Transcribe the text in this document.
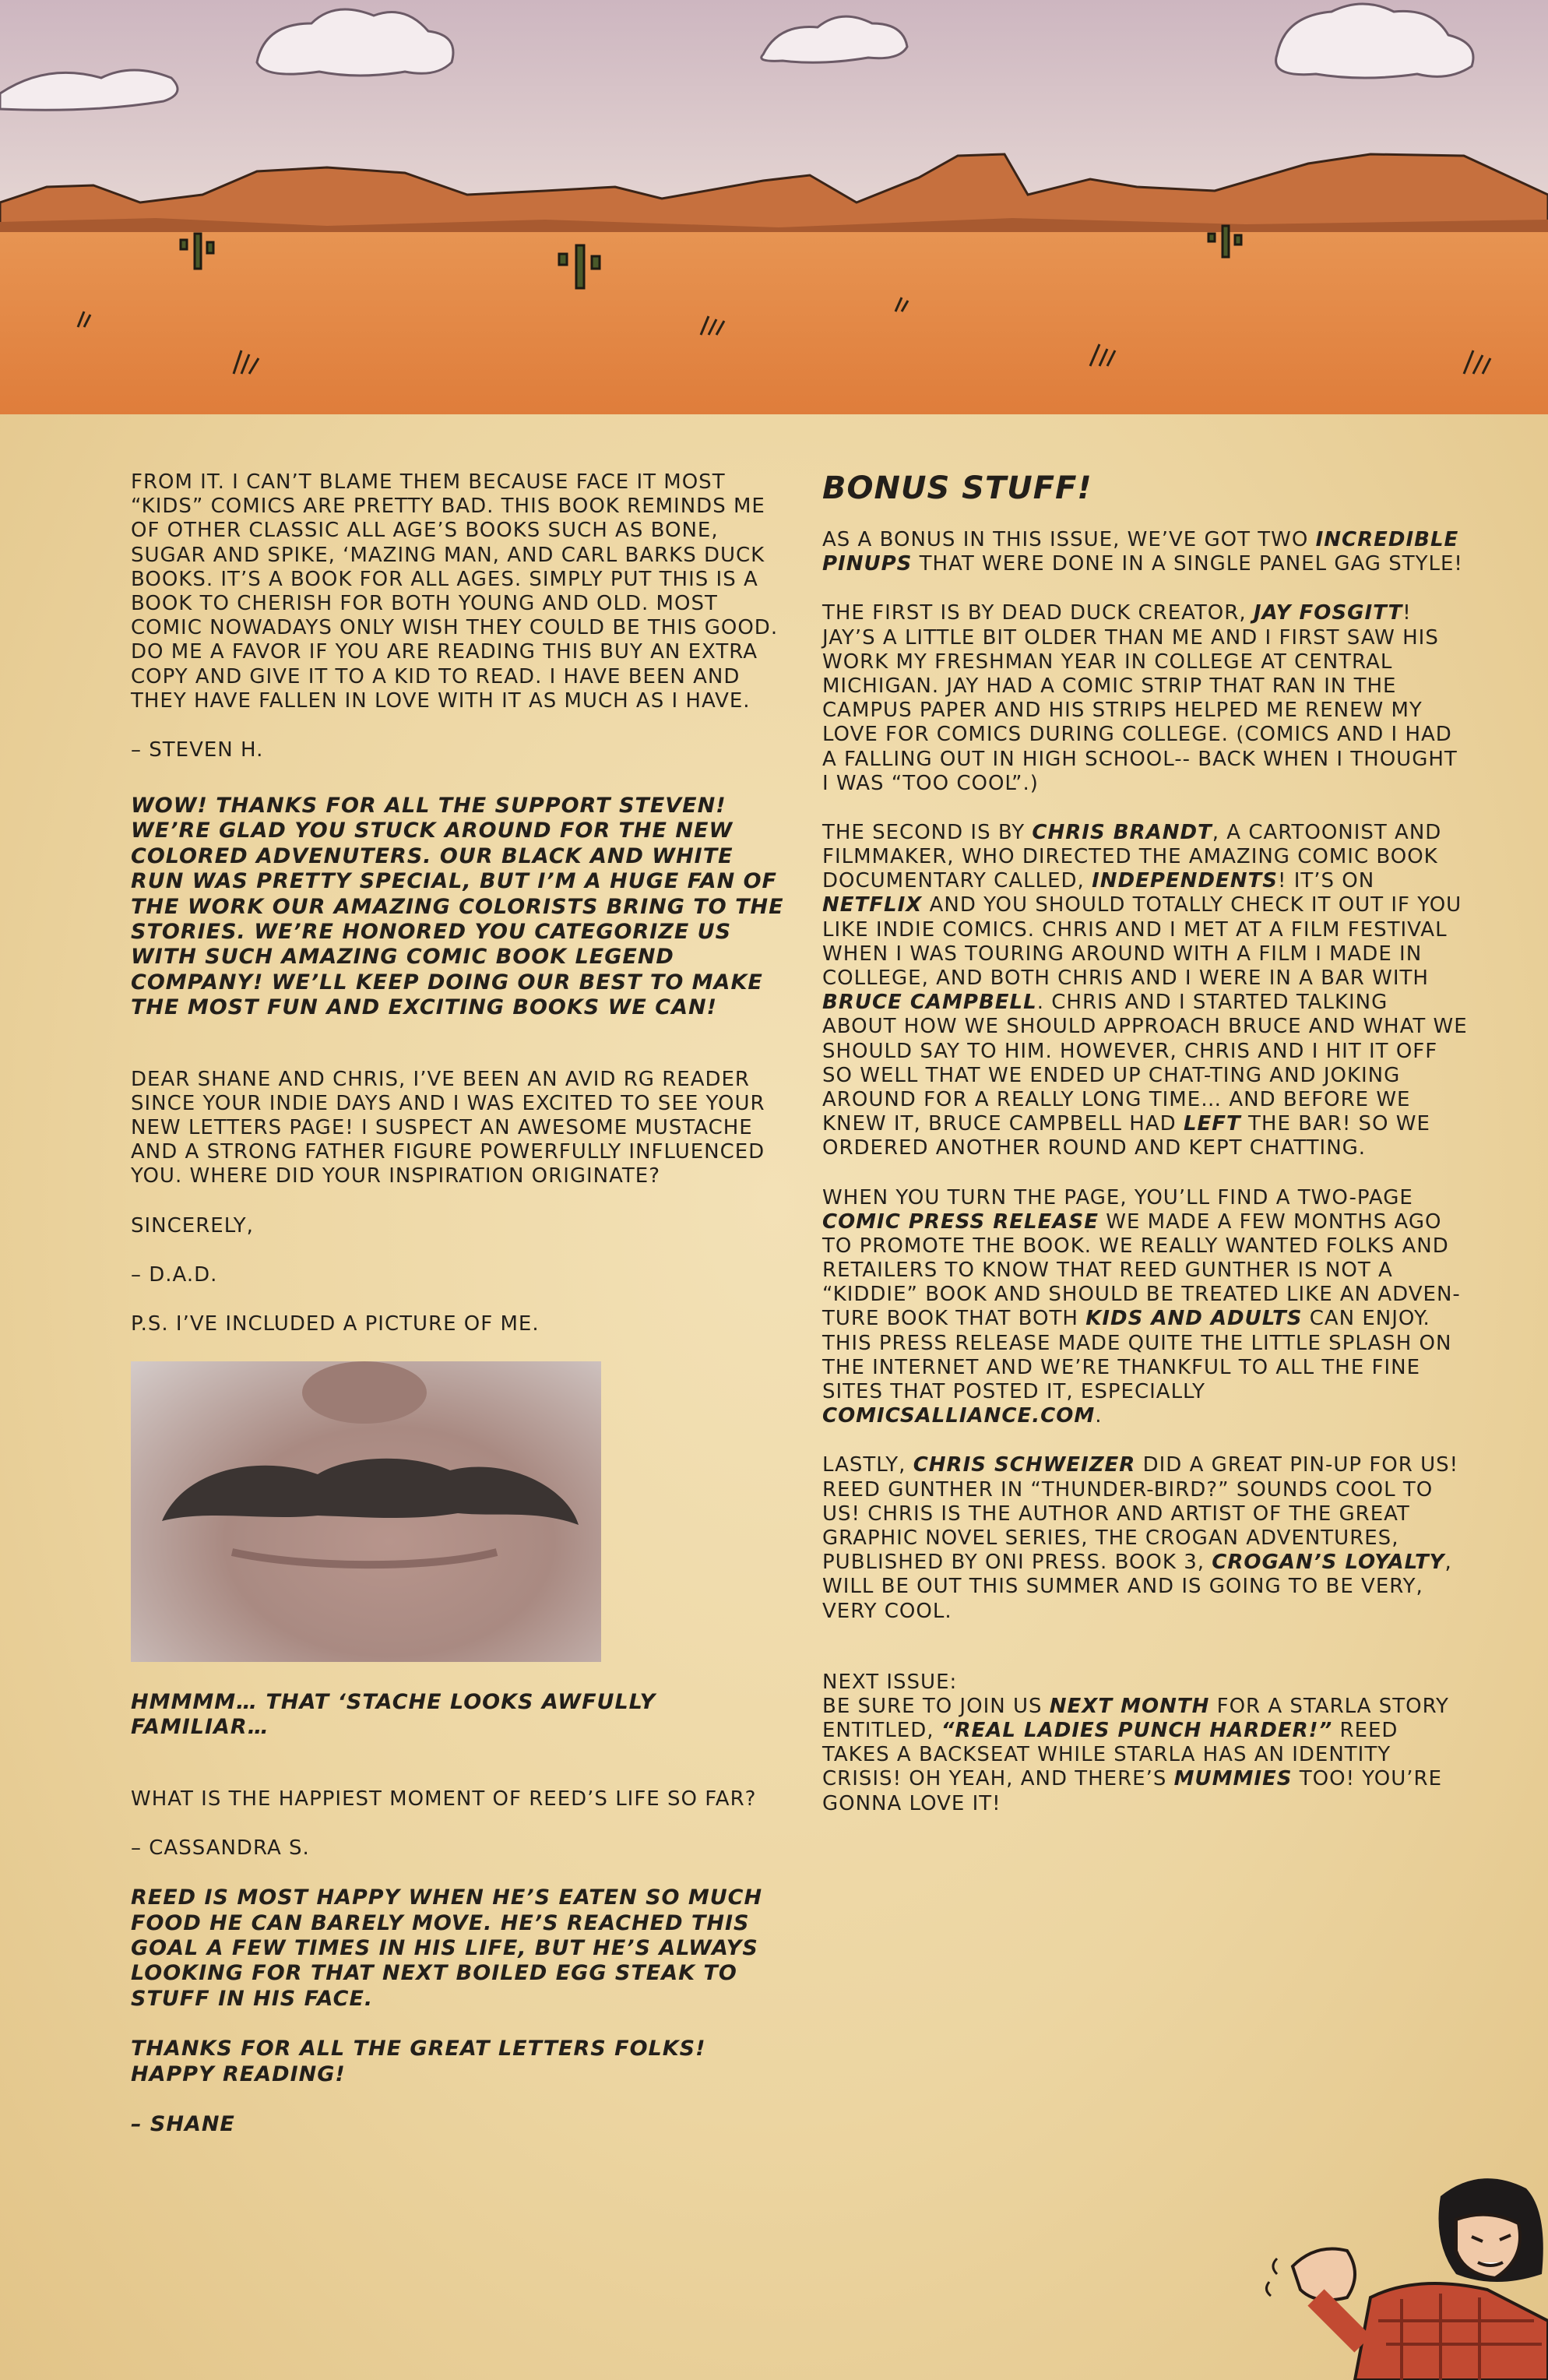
FROM IT. I CAN’T BLAME THEM BECAUSE FACE IT MOST “KIDS” COMICS ARE PRETTY BAD. THIS BOOK REMINDS ME OF OTHER CLASSIC ALL AGE’S BOOKS SUCH AS BONE, SUGAR AND SPIKE, ‘MAZING MAN, AND CARL BARKS DUCK BOOKS. IT’S A BOOK FOR ALL AGES. SIMPLY PUT THIS IS A BOOK TO CHERISH FOR BOTH YOUNG AND OLD. MOST COMIC NOWADAYS ONLY WISH THEY COULD BE THIS GOOD. DO ME A FAVOR IF YOU ARE READING THIS BUY AN EXTRA COPY AND GIVE IT TO A KID TO READ. I HAVE BEEN AND THEY HAVE FALLEN IN LOVE WITH IT AS MUCH AS I HAVE.

– STEVEN H.

WOW! THANKS FOR ALL THE SUPPORT STEVEN! WE’RE GLAD YOU STUCK AROUND FOR THE NEW COLORED ADVENUTERS. OUR BLACK AND WHITE RUN WAS PRETTY SPECIAL, BUT I’M A HUGE FAN OF THE WORK OUR AMAZING COLORISTS BRING TO THE STORIES. WE’RE HONORED YOU CATEGORIZE US WITH SUCH AMAZING COMIC BOOK LEGEND COMPANY! WE’LL KEEP DOING OUR BEST TO MAKE THE MOST FUN AND EXCITING BOOKS WE CAN!

DEAR SHANE AND CHRIS, I’VE BEEN AN AVID RG READER SINCE YOUR INDIE DAYS AND I WAS EXCITED TO SEE YOUR NEW LETTERS PAGE! I SUSPECT AN AWESOME MUSTACHE AND A STRONG FATHER FIGURE POWERFULLY INFLUENCED YOU. WHERE DID YOUR INSPIRATION ORIGINATE?

SINCERELY,

– D.A.D.

P.S. I’VE INCLUDED A PICTURE OF ME.

HMMMM… THAT ‘STACHE LOOKS AWFULLY FAMILIAR…

WHAT IS THE HAPPIEST MOMENT OF REED’S LIFE SO FAR?

– CASSANDRA S.

REED IS MOST HAPPY WHEN HE’S EATEN SO MUCH FOOD HE CAN BARELY MOVE. HE’S REACHED THIS GOAL A FEW TIMES IN HIS LIFE, BUT HE’S ALWAYS LOOKING FOR THAT NEXT BOILED EGG STEAK TO STUFF IN HIS FACE.

THANKS FOR ALL THE GREAT LETTERS FOLKS! HAPPY READING!

– SHANE

BONUS STUFF!

AS A BONUS IN THIS ISSUE, WE’VE GOT TWO INCREDIBLE PINUPS THAT WERE DONE IN A SINGLE PANEL GAG STYLE!

THE FIRST IS BY DEAD DUCK CREATOR, JAY FOSGITT! JAY’S A LITTLE BIT OLDER THAN ME AND I FIRST SAW HIS WORK MY FRESHMAN YEAR IN COLLEGE AT CENTRAL MICHIGAN. JAY HAD A COMIC STRIP THAT RAN IN THE CAMPUS PAPER AND HIS STRIPS HELPED ME RENEW MY LOVE FOR COMICS DURING COLLEGE. (COMICS AND I HAD A FALLING OUT IN HIGH SCHOOL-- BACK WHEN I THOUGHT I WAS “TOO COOL”.)

THE SECOND IS BY CHRIS BRANDT, A CARTOONIST AND FILMMAKER, WHO DIRECTED THE AMAZING COMIC BOOK DOCUMENTARY CALLED, INDEPENDENTS! IT’S ON NETFLIX AND YOU SHOULD TOTALLY CHECK IT OUT IF YOU LIKE INDIE COMICS. CHRIS AND I MET AT A FILM FESTIVAL WHEN I WAS TOURING AROUND WITH A FILM I MADE IN COLLEGE, AND BOTH CHRIS AND I WERE IN A BAR WITH BRUCE CAMPBELL. CHRIS AND I STARTED TALKING ABOUT HOW WE SHOULD APPROACH BRUCE AND WHAT WE SHOULD SAY TO HIM. HOWEVER, CHRIS AND I HIT IT OFF SO WELL THAT WE ENDED UP CHAT-TING AND JOKING AROUND FOR A REALLY LONG TIME… AND BEFORE WE KNEW IT, BRUCE CAMPBELL HAD LEFT THE BAR! SO WE ORDERED ANOTHER ROUND AND KEPT CHATTING.

WHEN YOU TURN THE PAGE, YOU’LL FIND A TWO-PAGE COMIC PRESS RELEASE WE MADE A FEW MONTHS AGO TO PROMOTE THE BOOK. WE REALLY WANTED FOLKS AND RETAILERS TO KNOW THAT REED GUNTHER IS NOT A “KIDDIE” BOOK AND SHOULD BE TREATED LIKE AN ADVEN-TURE BOOK THAT BOTH KIDS AND ADULTS CAN ENJOY. THIS PRESS RELEASE MADE QUITE THE LITTLE SPLASH ON THE INTERNET AND WE’RE THANKFUL TO ALL THE FINE SITES THAT POSTED IT, ESPECIALLY COMICSALLIANCE.COM.

LASTLY, CHRIS SCHWEIZER DID A GREAT PIN-UP FOR US! REED GUNTHER IN “THUNDER-BIRD?” SOUNDS COOL TO US! CHRIS IS THE AUTHOR AND ARTIST OF THE GREAT GRAPHIC NOVEL SERIES, THE CROGAN ADVENTURES, PUBLISHED BY ONI PRESS. BOOK 3, CROGAN’S LOYALTY, WILL BE OUT THIS SUMMER AND IS GOING TO BE VERY, VERY COOL.

NEXT ISSUE:
BE SURE TO JOIN US NEXT MONTH FOR A STARLA STORY ENTITLED, “REAL LADIES PUNCH HARDER!” REED TAKES A BACKSEAT WHILE STARLA HAS AN IDENTITY CRISIS! OH YEAH, AND THERE’S MUMMIES TOO! YOU’RE GONNA LOVE IT!
